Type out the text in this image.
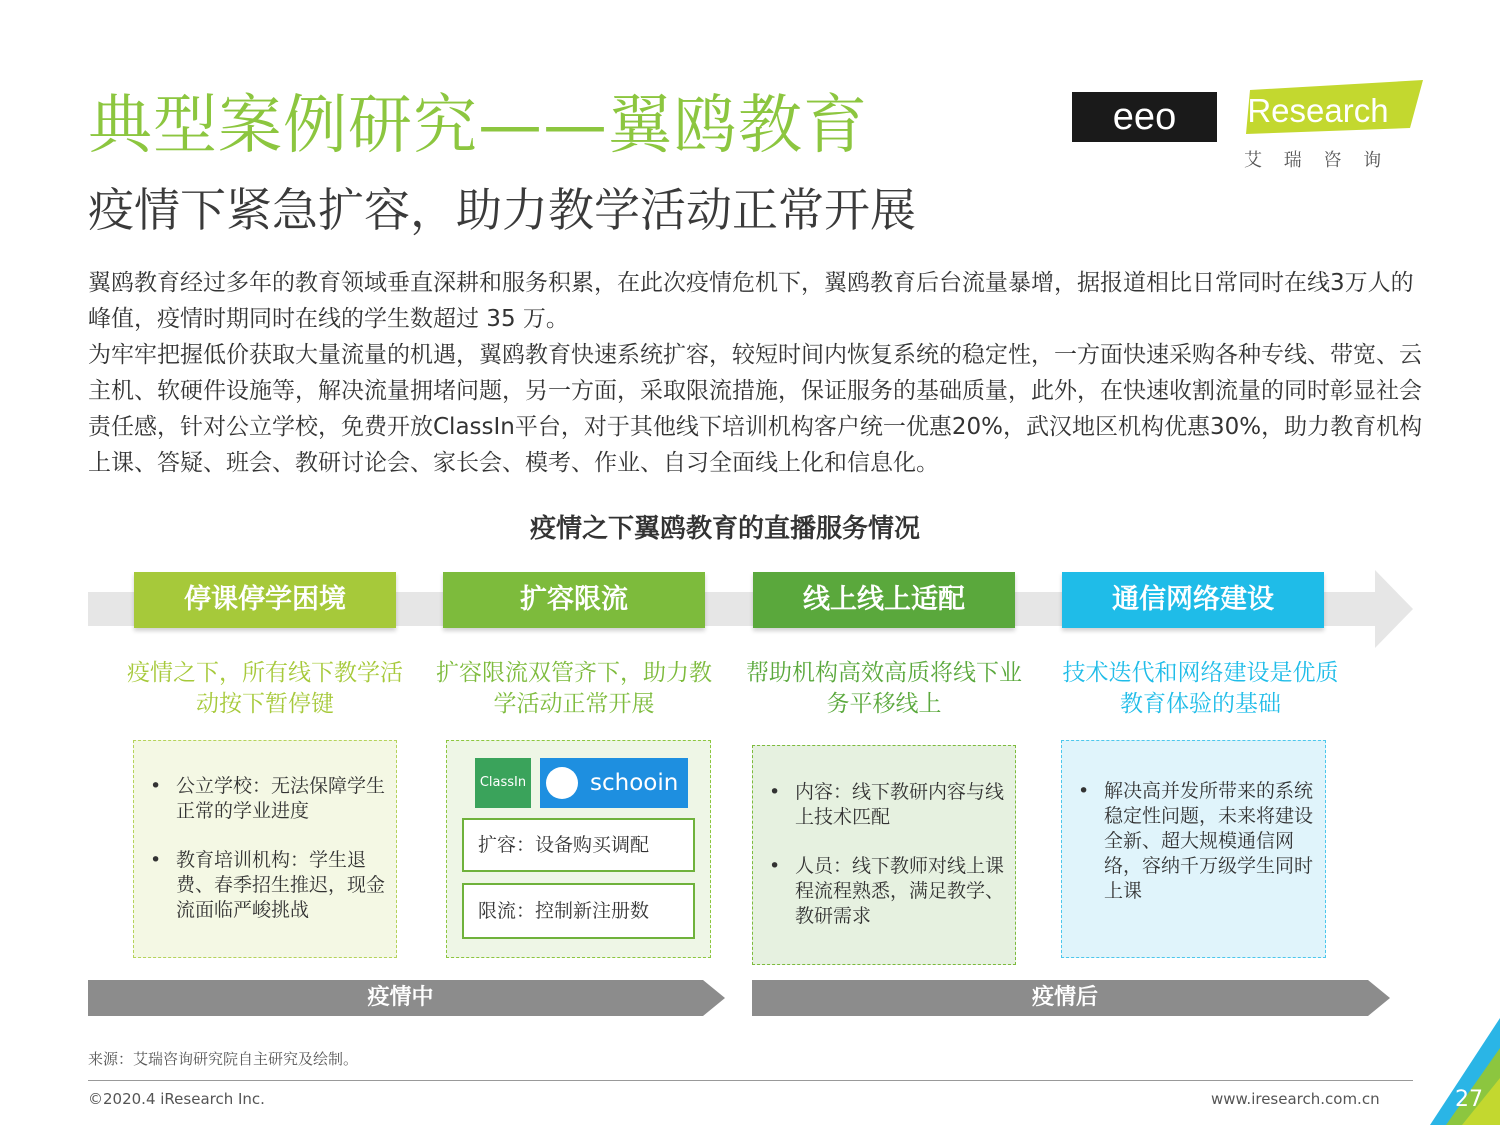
典型案例研究——翼鸥教育
疫情下紧急扩容，助力教学活动正常开展
eeo	iResearch
艾 瑞 咨 询
翼鸥教育经过多年的教育领域垂直深耕和服务积累，在此次疫情危机下，翼鸥教育后台流量暴增，据报道相比日常同时在线3万人的峰值，疫情时期同时在线的学生数超过 35 万。
为牢牢把握低价获取大量流量的机遇，翼鸥教育快速系统扩容，较短时间内恢复系统的稳定性，一方面快速采购各种专线、带宽、云主机、软硬件设施等，解决流量拥堵问题，另一方面，采取限流措施，保证服务的基础质量，此外，在快速收割流量的同时彰显社会责任感，针对公立学校，免费开放ClassIn平台，对于其他线下培训机构客户统一优惠20%，武汉地区机构优惠30%，助力教育机构上课、答疑、班会、教研讨论会、家长会、模考、作业、自习全面线上化和信息化。
疫情之下翼鸥教育的直播服务情况
停课停学困境	扩容限流	线上线上适配	通信网络建设
疫情之下，所有线下教学活动按下暂停键
扩容限流双管齐下，助力教学活动正常开展
帮助机构高效高质将线下业务平移线上
技术迭代和网络建设是优质教育体验的基础
• 公立学校：无法保障学生正常的学业进度
• 教育培训机构：学生退费、春季招生推迟，现金流面临严峻挑战
ClassIn	schooin
扩容：设备购买调配
限流：控制新注册数
• 内容：线下教研内容与线上技术匹配
• 人员：线下教师对线上课程流程熟悉，满足教学、教研需求
• 解决高并发所带来的系统稳定性问题，未来将建设全新、超大规模通信网络，容纳千万级学生同时上课
疫情中	疫情后
来源：艾瑞咨询研究院自主研究及绘制。
©2020.4 iResearch Inc.	www.iresearch.com.cn	27
